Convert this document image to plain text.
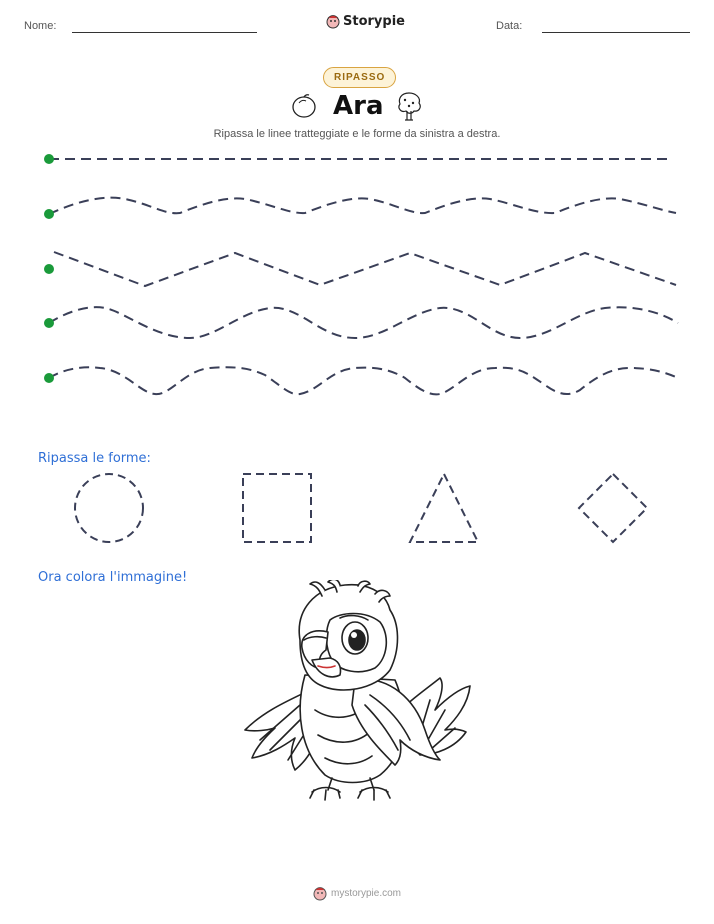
Nome:	Storypie	Data:
RIPASSO
Ara
Ripassa le linee tratteggiate e le forme da sinistra a destra.
Ripassa le forme:
Ora colora l'immagine!
mystorypie.com
